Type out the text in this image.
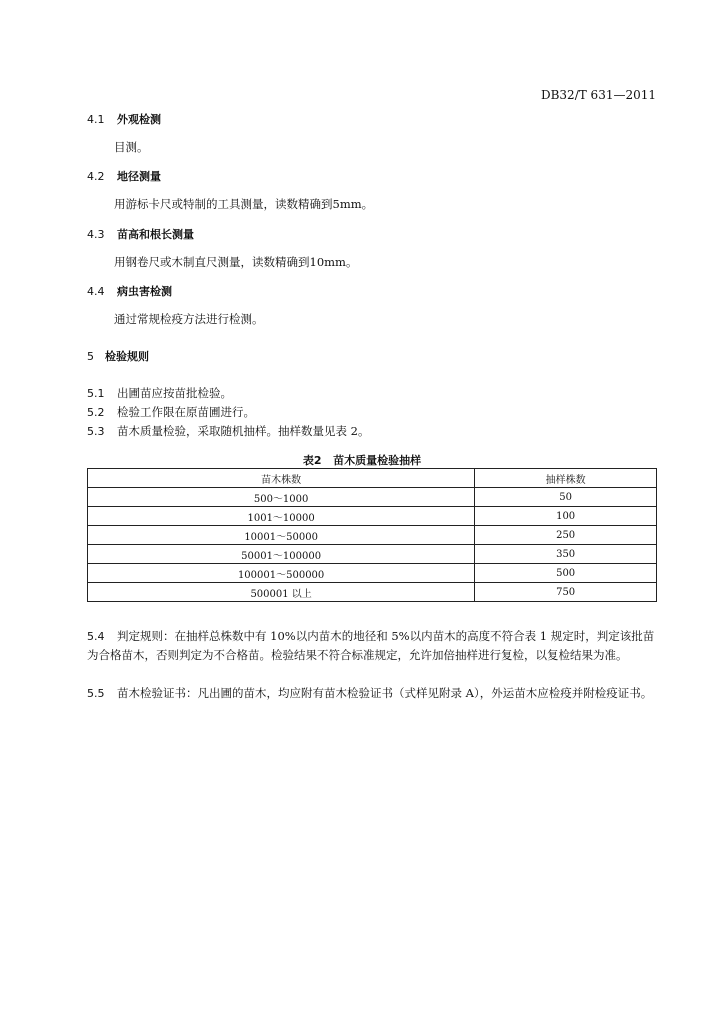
DB32/T 631—2011
4.1 外观检测
目测。
4.2 地径测量
用游标卡尺或特制的工具测量，读数精确到5mm。
4.3 苗高和根长测量
用钢卷尺或木制直尺测量，读数精确到10mm。
4.4 病虫害检测
通过常规检疫方法进行检测。
5 检验规则
5.1 出圃苗应按苗批检验。
5.2 检验工作限在原苗圃进行。
5.3 苗木质量检验，采取随机抽样。抽样数量见表 2。
表2   苗木质量检验抽样
苗木株数	抽样株数
500～1000	50
1001～10000	100
10001～50000	250
50001～100000	350
100001～500000	500
500001 以上	750
5.4 判定规则：在抽样总株数中有 10%以内苗木的地径和 5%以内苗木的高度不符合表 1 规定时，判定该批苗为合格苗木，否则判定为不合格苗。检验结果不符合标准规定，允许加倍抽样进行复检，以复检结果为准。
5.5 苗木检验证书：凡出圃的苗木，均应附有苗木检验证书（式样见附录 A），外运苗木应检疫并附检疫证书。
